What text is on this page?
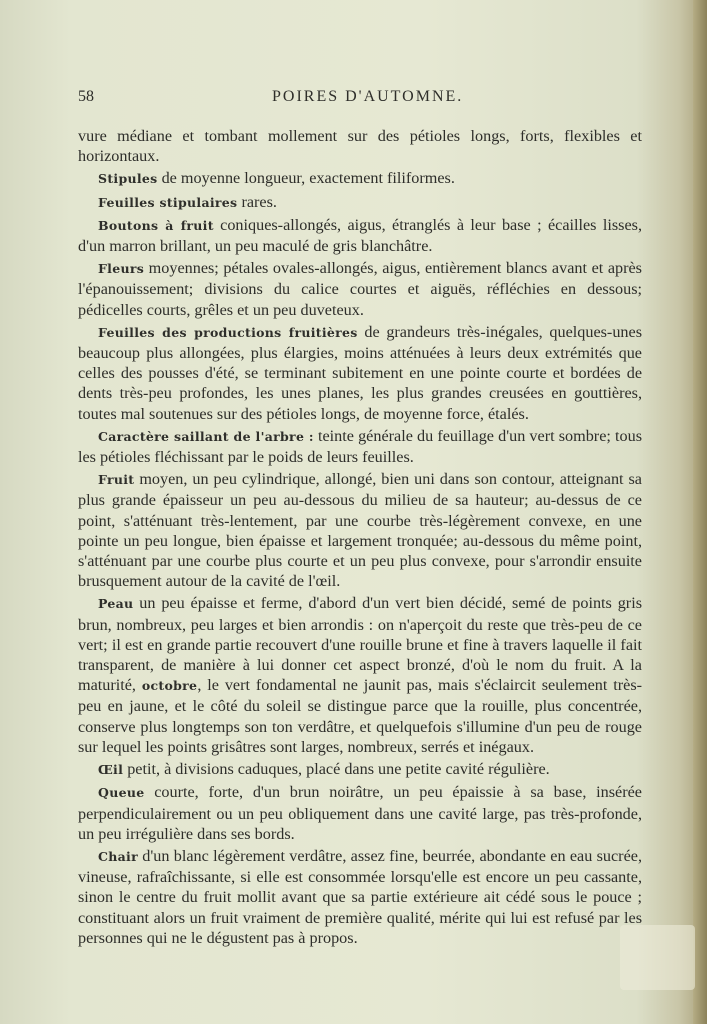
58	POIRES D'AUTOMNE.

vure médiane et tombant mollement sur des pétioles longs, forts, flexibles et horizontaux.

Stipules de moyenne longueur, exactement filiformes.

Feuilles stipulaires rares.

Boutons à fruit coniques-allongés, aigus, étranglés à leur base ; écailles lisses, d'un marron brillant, un peu maculé de gris blanchâtre.

Fleurs moyennes; pétales ovales-allongés, aigus, entièrement blancs avant et après l'épanouissement; divisions du calice courtes et aiguës, réfléchies en dessous; pédicelles courts, grêles et un peu duveteux.

Feuilles des productions fruitières de grandeurs très-inégales, quelques-unes beaucoup plus allongées, plus élargies, moins atténuées à leurs deux extrémités que celles des pousses d'été, se terminant subitement en une pointe courte et bordées de dents très-peu profondes, les unes planes, les plus grandes creusées en gouttières, toutes mal soutenues sur des pétioles longs, de moyenne force, étalés.

Caractère saillant de l'arbre : teinte générale du feuillage d'un vert sombre; tous les pétioles fléchissant par le poids de leurs feuilles.

Fruit moyen, un peu cylindrique, allongé, bien uni dans son contour, atteignant sa plus grande épaisseur un peu au-dessous du milieu de sa hauteur; au-dessus de ce point, s'atténuant très-lentement, par une courbe très-légèrement convexe, en une pointe un peu longue, bien épaisse et largement tronquée; au-dessous du même point, s'atténuant par une courbe plus courte et un peu plus convexe, pour s'arrondir ensuite brusquement autour de la cavité de l'œil.

Peau un peu épaisse et ferme, d'abord d'un vert bien décidé, semé de points gris brun, nombreux, peu larges et bien arrondis : on n'aperçoit du reste que très-peu de ce vert; il est en grande partie recouvert d'une rouille brune et fine à travers laquelle il fait transparent, de manière à lui donner cet aspect bronzé, d'où le nom du fruit. A la maturité, octobre, le vert fondamental ne jaunit pas, mais s'éclaircit seulement très-peu en jaune, et le côté du soleil se distingue parce que la rouille, plus concentrée, conserve plus longtemps son ton verdâtre, et quelquefois s'illumine d'un peu de rouge sur lequel les points grisâtres sont larges, nombreux, serrés et inégaux.

Œil petit, à divisions caduques, placé dans une petite cavité régulière.

Queue courte, forte, d'un brun noirâtre, un peu épaissie à sa base, insérée perpendiculairement ou un peu obliquement dans une cavité large, pas très-profonde, un peu irrégulière dans ses bords.

Chair d'un blanc légèrement verdâtre, assez fine, beurrée, abondante en eau sucrée, vineuse, rafraîchissante, si elle est consommée lorsqu'elle est encore un peu cassante, sinon le centre du fruit mollit avant que sa partie extérieure ait cédé sous le pouce ; constituant alors un fruit vraiment de première qualité, mérite qui lui est refusé par les personnes qui ne le dégustent pas à propos.
